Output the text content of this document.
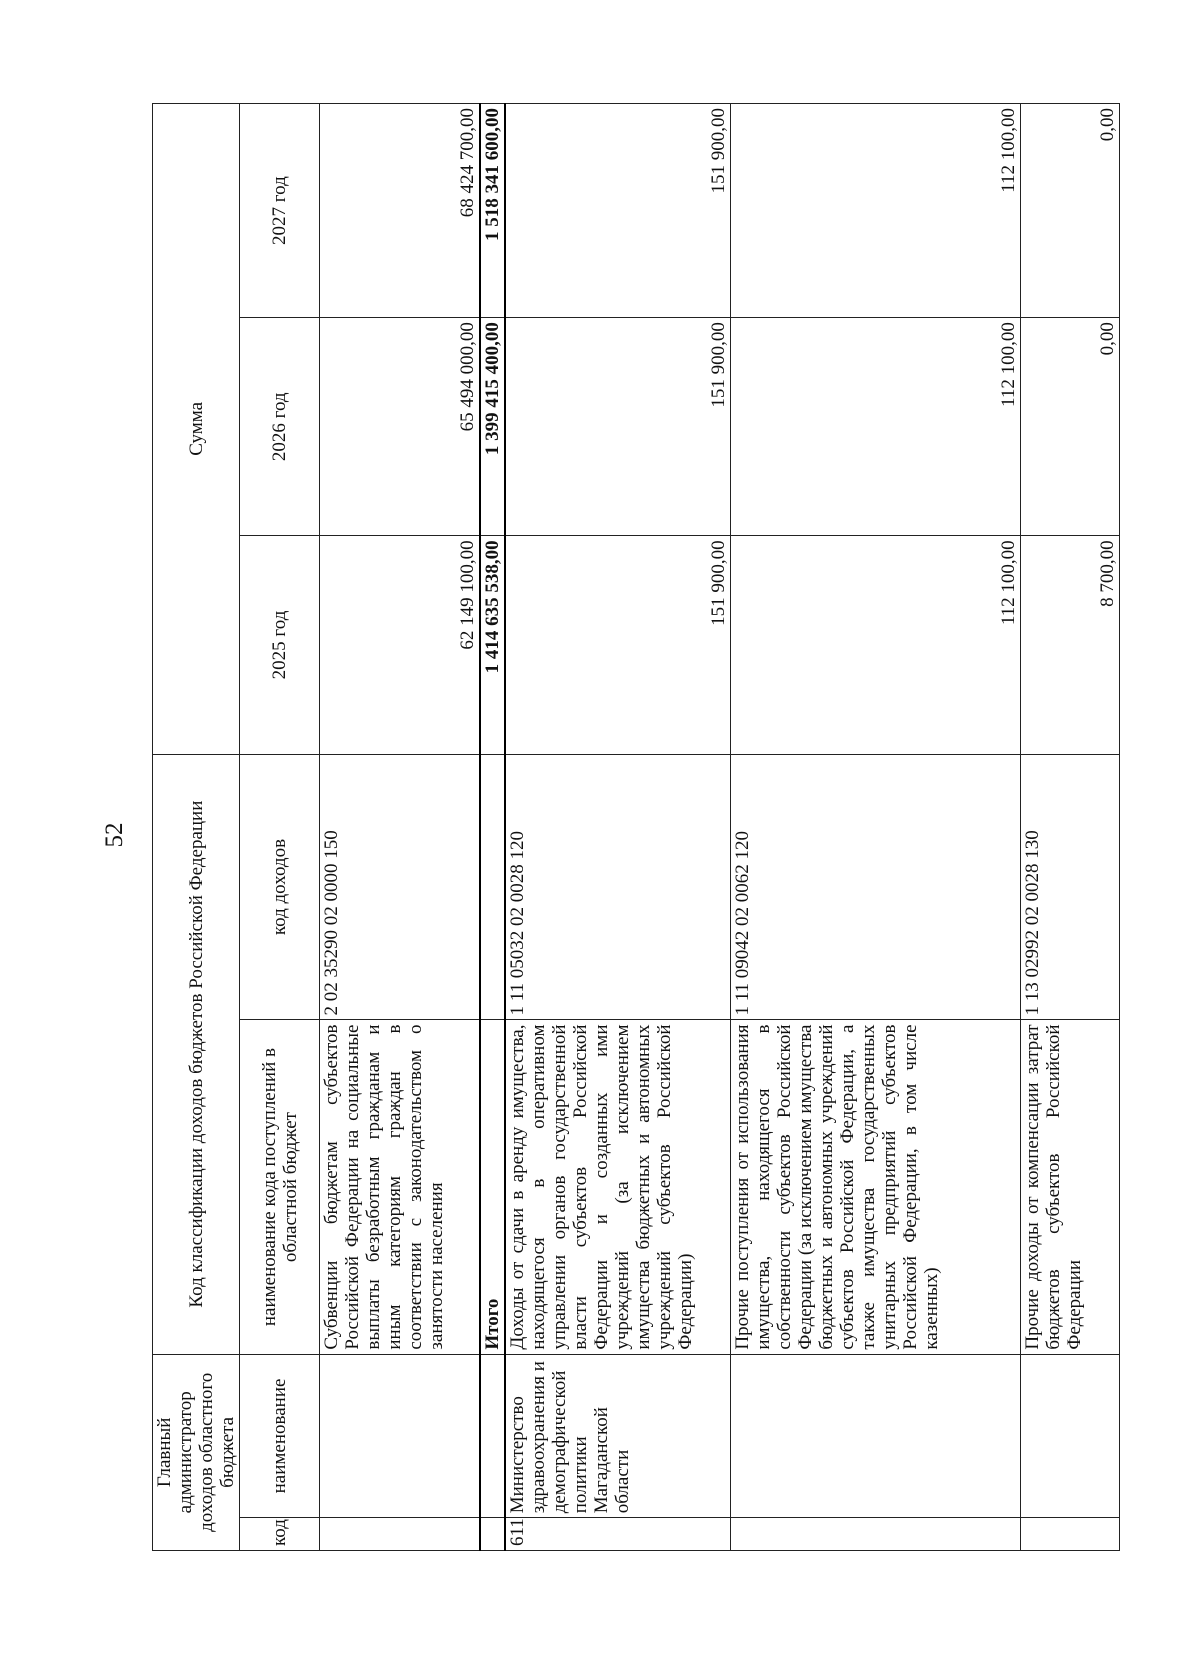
52
Главный администратор доходов областного бюджета		Код классификации доходов бюджетов Российской Федерации		Сумма		
код	наименование	наименование кода поступлений в областной бюджет	код доходов	2025 год	2026 год	2027 год
		Субвенции бюджетам субъектов Российской Федерации на социальные выплаты безработным гражданам и иным категориям граждан в соответствии с законодательством о занятости населения	2 02 35290 02 0000 150	62 149 100,00	65 494 000,00	68 424 700,00
		Итого		1 414 635 538,00	1 399 415 400,00	1 518 341 600,00
611	Министерство здравоохранения и демографической политики Магаданской области	Доходы от сдачи в аренду имущества, находящегося в оперативном управлении органов государственной власти субъектов Российской Федерации и созданных ими учреждений (за исключением имущества бюджетных и автономных учреждений субъектов Российской Федерации)	1 11 05032 02 0028 120	151 900,00	151 900,00	151 900,00
		Прочие поступления от использования имущества, находящегося в собственности субъектов Российской Федерации (за исключением имущества бюджетных и автономных учреждений субъектов Российской Федерации, а также имущества государственных унитарных предприятий субъектов Российской Федерации, в том числе казенных)	1 11 09042 02 0062 120	112 100,00	112 100,00	112 100,00
		Прочие доходы от компенсации затрат бюджетов субъектов Российской Федерации	1 13 02992 02 0028 130	8 700,00	0,00	0,00
